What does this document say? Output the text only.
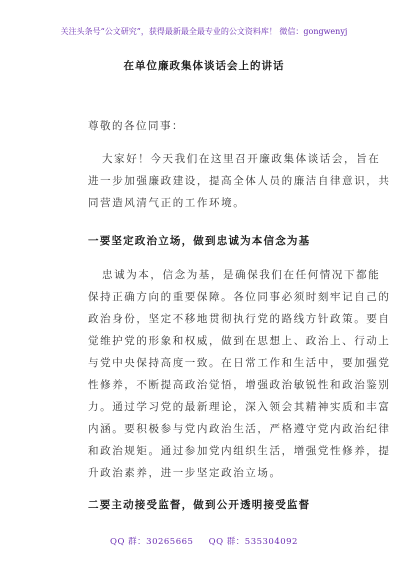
关注头条号“公文研究”，获得最新最全最专业的公文资料库！ 微信：gongwenyj
在单位廉政集体谈话会上的讲话
尊敬的各位同事：
大家好！今天我们在这里召开廉政集体谈话会，旨在
进一步加强廉政建设，提高全体人员的廉洁自律意识，共
同营造风清气正的工作环境。
一要坚定政治立场，做到忠诚为本信念为基
忠诚为本，信念为基，是确保我们在任何情况下都能
保持正确方向的重要保障。各位同事必须时刻牢记自己的
政治身份，坚定不移地贯彻执行党的路线方针政策。要自
觉维护党的形象和权威，做到在思想上、政治上、行动上
与党中央保持高度一致。在日常工作和生活中，要加强党
性修养，不断提高政治觉悟，增强政治敏锐性和政治鉴别
力。通过学习党的最新理论，深入领会其精神实质和丰富
内涵。要积极参与党内政治生活，严格遵守党内政治纪律
和政治规矩。通过参加党内组织生活，增强党性修养，提
升政治素养，进一步坚定政治立场。
二要主动接受监督，做到公开透明接受监督
QQ 群：30265665 QQ 群：535304092
